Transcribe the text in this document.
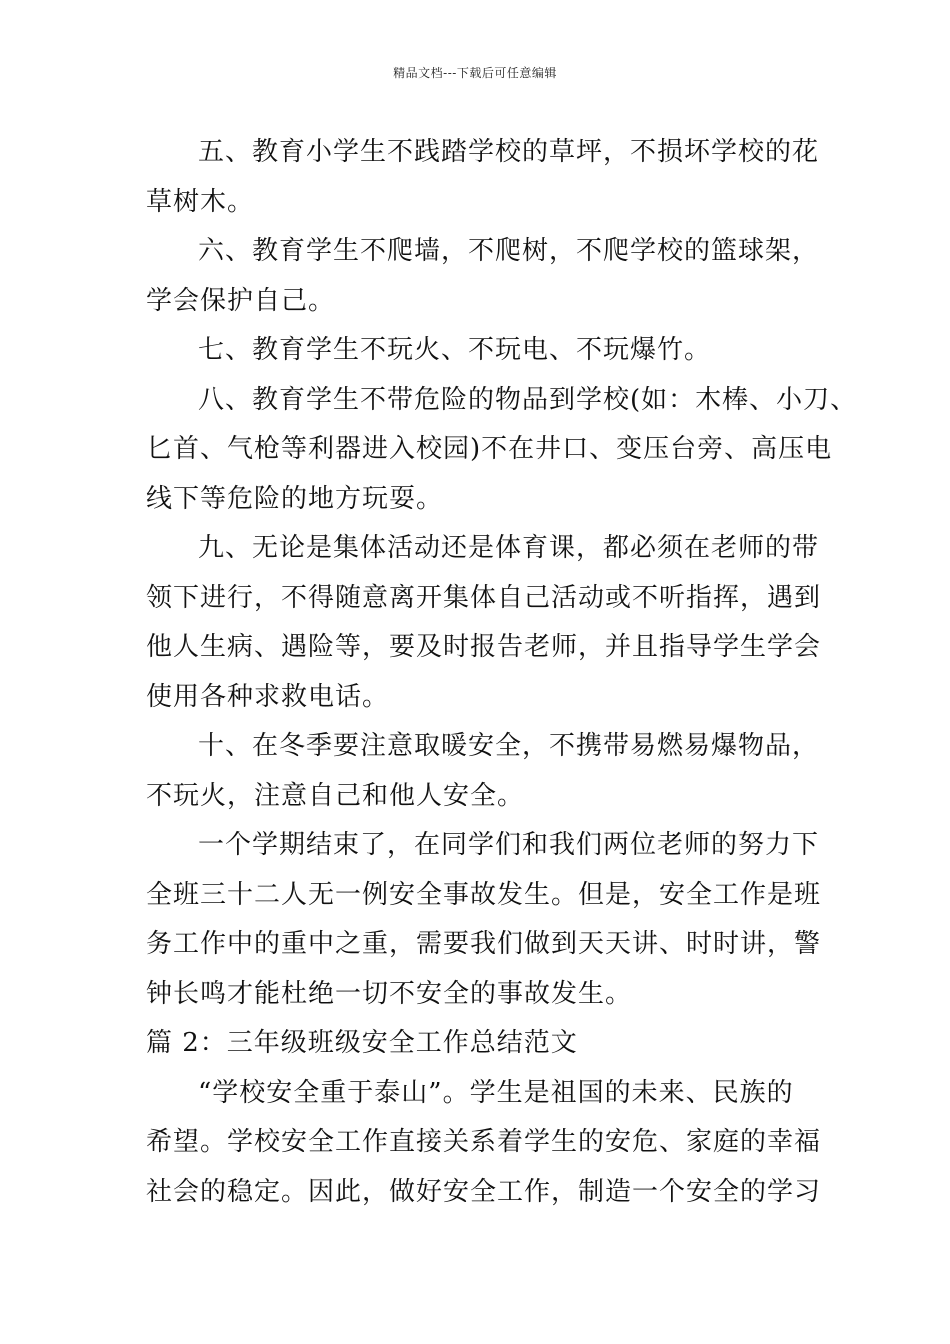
精品文档---下载后可任意编辑
五、教育小学生不践踏学校的草坪，不损坏学校的花
草树木。
六、教育学生不爬墙，不爬树，不爬学校的篮球架，
学会保护自己。
七、教育学生不玩火、不玩电、不玩爆竹。
八、教育学生不带危险的物品到学校(如：木棒、小刀、
匕首、气枪等利器进入校园)不在井口、变压台旁、高压电
线下等危险的地方玩耍。
九、无论是集体活动还是体育课，都必须在老师的带
领下进行，不得随意离开集体自己活动或不听指挥，遇到
他人生病、遇险等，要及时报告老师，并且指导学生学会
使用各种求救电话。
十、在冬季要注意取暖安全，不携带易燃易爆物品，
不玩火，注意自己和他人安全。
一个学期结束了，在同学们和我们两位老师的努力下
全班三十二人无一例安全事故发生。但是，安全工作是班
务工作中的重中之重，需要我们做到天天讲、时时讲，警
钟长鸣才能杜绝一切不安全的事故发生。
篇 2：三年级班级安全工作总结范文
“学校安全重于泰山”。学生是祖国的未来、民族的
希望。学校安全工作直接关系着学生的安危、家庭的幸福
社会的稳定。因此，做好安全工作，制造一个安全的学习
